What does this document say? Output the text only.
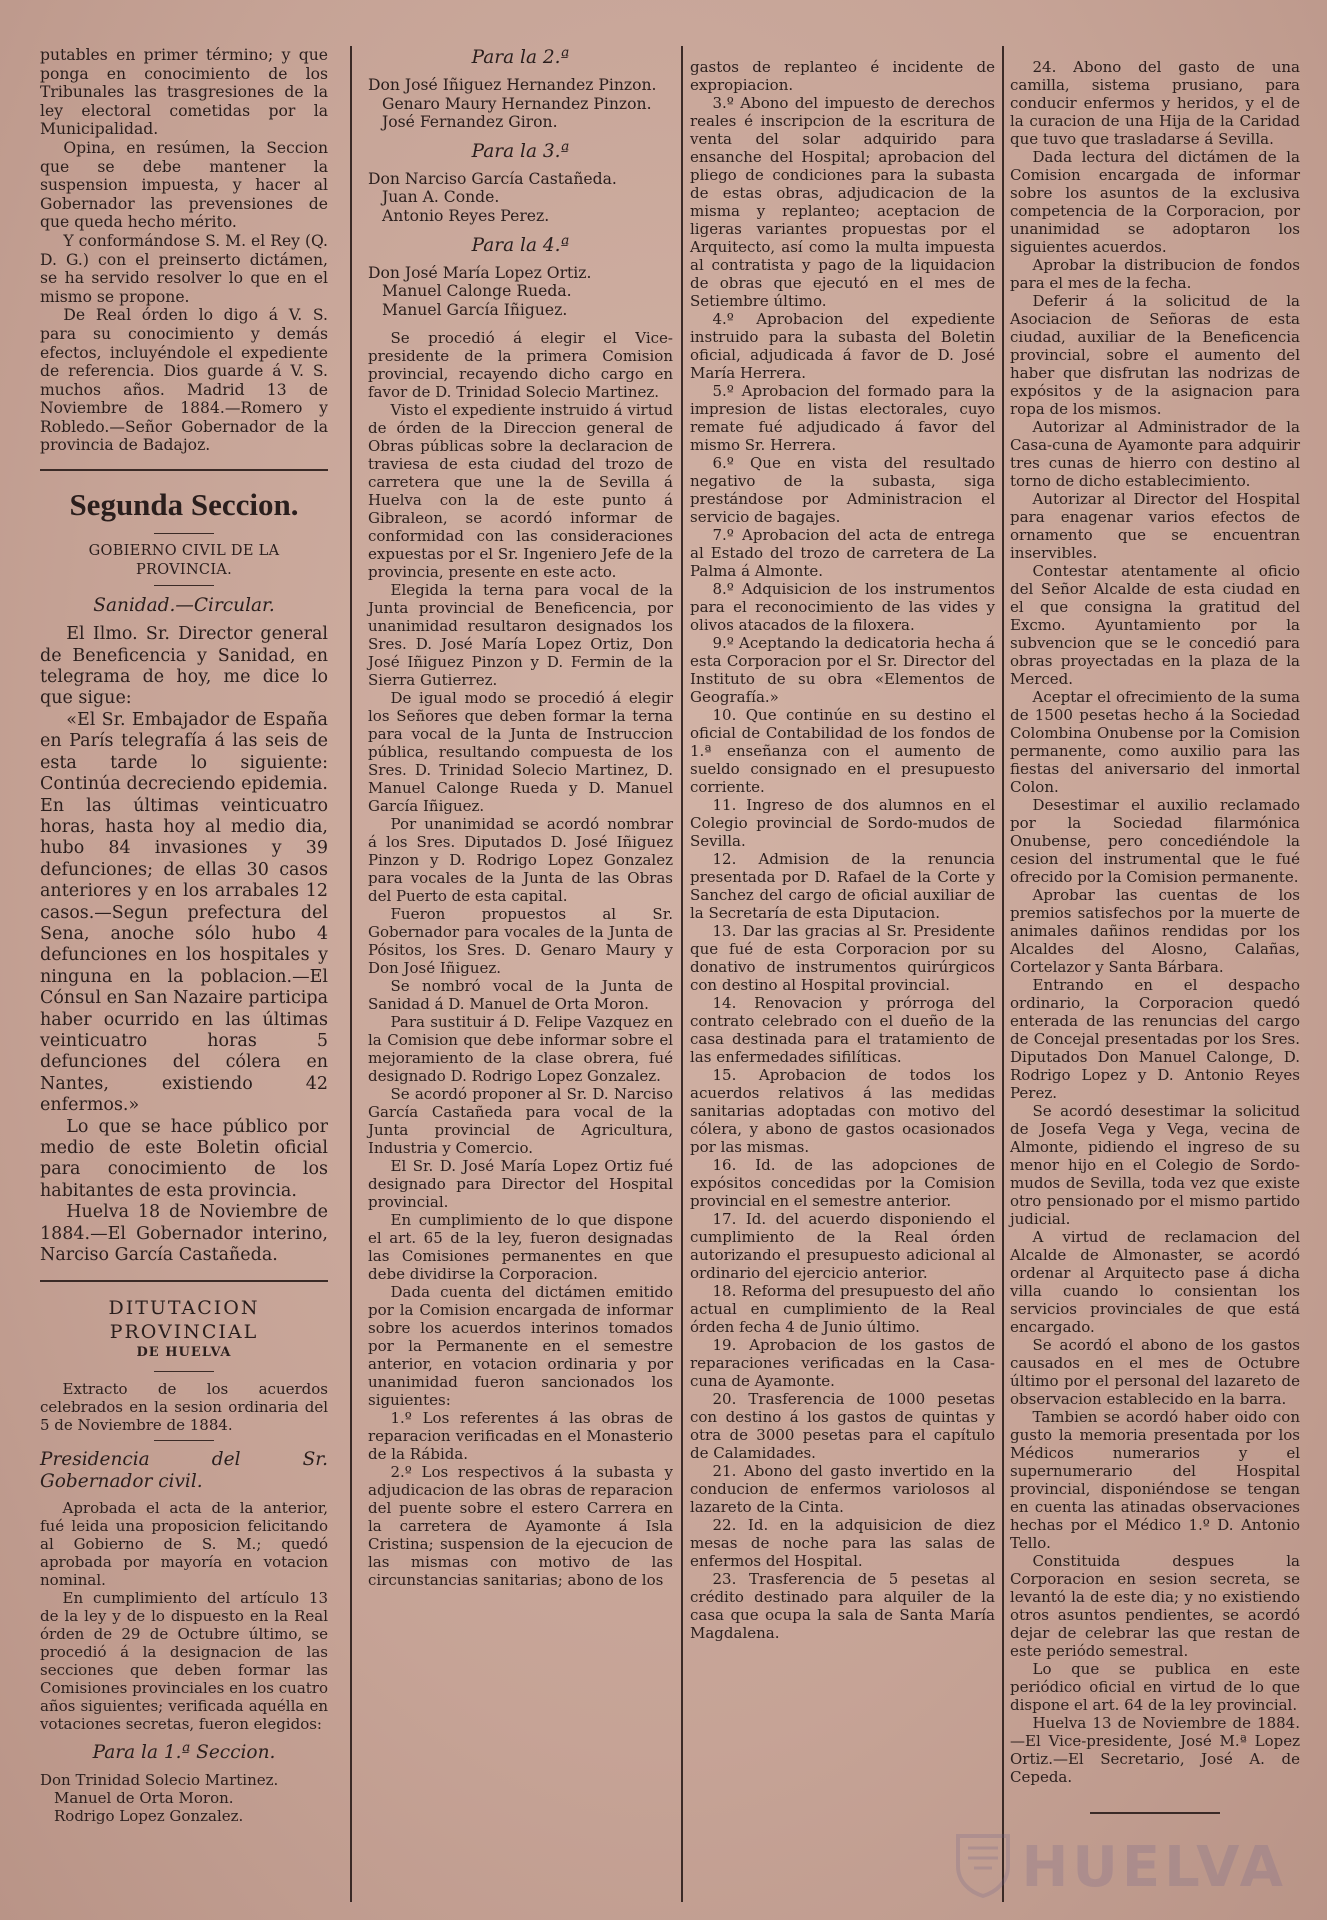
putables en primer término; y que ponga en conocimiento de los Tribunales las trasgresiones de la ley electoral cometidas por la Municipalidad.

Opina, en resúmen, la Seccion que se debe mantener la suspension impuesta, y hacer al Gobernador las prevensiones de que queda hecho mérito.

Y conformándose S. M. el Rey (Q. D. G.) con el preinserto dictámen, se ha servido resolver lo que en el mismo se propone.

De Real órden lo digo á V. S. para su conocimiento y demás efectos, incluyéndole el expediente de referencia. Dios guarde á V. S. muchos años. Madrid 13 de Noviembre de 1884.—Romero y Robledo.—Señor Gobernador de la provincia de Badajoz.

Segunda Seccion.
GOBIERNO CIVIL DE LA PROVINCIA.
Sanidad.—Circular.

El Ilmo. Sr. Director general de Beneficencia y Sanidad, en telegrama de hoy, me dice lo que sigue:

«El Sr. Embajador de España en París telegrafía á las seis de esta tarde lo siguiente: Continúa decreciendo epidemia. En las últimas veinticuatro horas, hasta hoy al medio dia, hubo 84 invasiones y 39 defunciones; de ellas 30 casos anteriores y en los arrabales 12 casos.—Segun prefectura del Sena, anoche sólo hubo 4 defunciones en los hospitales y ninguna en la poblacion.—El Cónsul en San Nazaire participa haber ocurrido en las últimas veinticuatro horas 5 defunciones del cólera en Nantes, existiendo 42 enfermos.»

Lo que se hace público por medio de este Boletin oficial para conocimiento de los habitantes de esta provincia.

Huelva 18 de Noviembre de 1884.—El Gobernador interino, Narciso García Castañeda.

DITUTACION PROVINCIAL
DE HUELVA

Extracto de los acuerdos celebrados en la sesion ordinaria del 5 de Noviembre de 1884.

Presidencia del Sr. Gobernador civil.

Aprobada el acta de la anterior, fué leida una proposicion felicitando al Gobierno de S. M.; quedó aprobada por mayoría en votacion nominal.

En cumplimiento del artículo 13 de la ley y de lo dispuesto en la Real órden de 29 de Octubre último, se procedió á la designacion de las secciones que deben formar las Comisiones provinciales en los cuatro años siguientes; verificada aquélla en votaciones secretas, fueron elegidos:

Para la 1.ª Seccion.

Don Trinidad Solecio Martinez.

Manuel de Orta Moron.

Rodrigo Lopez Gonzalez.

Para la 2.ª

Don José Iñiguez Hernandez Pinzon.

Genaro Maury Hernandez Pinzon.

José Fernandez Giron.

Para la 3.ª

Don Narciso García Castañeda.

Juan A. Conde.

Antonio Reyes Perez.

Para la 4.ª

Don José María Lopez Ortiz.

Manuel Calonge Rueda.

Manuel García Iñiguez.

Se procedió á elegir el Vice-presidente de la primera Comision provincial, recayendo dicho cargo en favor de D. Trinidad Solecio Martinez.

Visto el expediente instruido á virtud de órden de la Direccion general de Obras públicas sobre la declaracion de traviesa de esta ciudad del trozo de carretera que une la de Sevilla á Huelva con la de este punto á Gibraleon, se acordó informar de conformidad con las consideraciones expuestas por el Sr. Ingeniero Jefe de la provincia, presente en este acto.

Elegida la terna para vocal de la Junta provincial de Beneficencia, por unanimidad resultaron designados los Sres. D. José María Lopez Ortiz, Don José Iñiguez Pinzon y D. Fermin de la Sierra Gutierrez.

De igual modo se procedió á elegir los Señores que deben formar la terna para vocal de la Junta de Instruccion pública, resultando compuesta de los Sres. D. Trinidad Solecio Martinez, D. Manuel Calonge Rueda y D. Manuel García Iñiguez.

Por unanimidad se acordó nombrar á los Sres. Diputados D. José Iñiguez Pinzon y D. Rodrigo Lopez Gonzalez para vocales de la Junta de las Obras del Puerto de esta capital.

Fueron propuestos al Sr. Gobernador para vocales de la Junta de Pósitos, los Sres. D. Genaro Maury y Don José Iñiguez.

Se nombró vocal de la Junta de Sanidad á D. Manuel de Orta Moron.

Para sustituir á D. Felipe Vazquez en la Comision que debe informar sobre el mejoramiento de la clase obrera, fué designado D. Rodrigo Lopez Gonzalez.

Se acordó proponer al Sr. D. Narciso García Castañeda para vocal de la Junta provincial de Agricultura, Industria y Comercio.

El Sr. D. José María Lopez Ortiz fué designado para Director del Hospital provincial.

En cumplimiento de lo que dispone el art. 65 de la ley, fueron designadas las Comisiones permanentes en que debe dividirse la Corporacion.

Dada cuenta del dictámen emitido por la Comision encargada de informar sobre los acuerdos interinos tomados por la Permanente en el semestre anterior, en votacion ordinaria y por unanimidad fueron sancionados los siguientes:

1.º Los referentes á las obras de reparacion verificadas en el Monasterio de la Rábida.

2.º Los respectivos á la subasta y adjudicacion de las obras de reparacion del puente sobre el estero Carrera en la carretera de Ayamonte á Isla Cristina; suspension de la ejecucion de las mismas con motivo de las circunstancias sanitarias; abono de los

gastos de replanteo é incidente de expropiacion.

3.º Abono del impuesto de derechos reales é inscripcion de la escritura de venta del solar adquirido para ensanche del Hospital; aprobacion del pliego de condiciones para la subasta de estas obras, adjudicacion de la misma y replanteo; aceptacion de ligeras variantes propuestas por el Arquitecto, así como la multa impuesta al contratista y pago de la liquidacion de obras que ejecutó en el mes de Setiembre último.

4.º Aprobacion del expediente instruido para la subasta del Boletin oficial, adjudicada á favor de D. José María Herrera.

5.º Aprobacion del formado para la impresion de listas electorales, cuyo remate fué adjudicado á favor del mismo Sr. Herrera.

6.º Que en vista del resultado negativo de la subasta, siga prestándose por Administracion el servicio de bagajes.

7.º Aprobacion del acta de entrega al Estado del trozo de carretera de La Palma á Almonte.

8.º Adquisicion de los instrumentos para el reconocimiento de las vides y olivos atacados de la filoxera.

9.º Aceptando la dedicatoria hecha á esta Corporacion por el Sr. Director del Instituto de su obra «Elementos de Geografía.»

10. Que continúe en su destino el oficial de Contabilidad de los fondos de 1.ª enseñanza con el aumento de sueldo consignado en el presupuesto corriente.

11. Ingreso de dos alumnos en el Colegio provincial de Sordo-mudos de Sevilla.

12. Admision de la renuncia presentada por D. Rafael de la Corte y Sanchez del cargo de oficial auxiliar de la Secretaría de esta Diputacion.

13. Dar las gracias al Sr. Presidente que fué de esta Corporacion por su donativo de instrumentos quirúrgicos con destino al Hospital provincial.

14. Renovacion y prórroga del contrato celebrado con el dueño de la casa destinada para el tratamiento de las enfermedades sifilíticas.

15. Aprobacion de todos los acuerdos relativos á las medidas sanitarias adoptadas con motivo del cólera, y abono de gastos ocasionados por las mismas.

16. Id. de las adopciones de expósitos concedidas por la Comision provincial en el semestre anterior.

17. Id. del acuerdo disponiendo el cumplimiento de la Real órden autorizando el presupuesto adicional al ordinario del ejercicio anterior.

18. Reforma del presupuesto del año actual en cumplimiento de la Real órden fecha 4 de Junio último.

19. Aprobacion de los gastos de reparaciones verificadas en la Casa-cuna de Ayamonte.

20. Trasferencia de 1000 pesetas con destino á los gastos de quintas y otra de 3000 pesetas para el capítulo de Calamidades.

21. Abono del gasto invertido en la conducion de enfermos variolosos al lazareto de la Cinta.

22. Id. en la adquisicion de diez mesas de noche para las salas de enfermos del Hospital.

23. Trasferencia de 5 pesetas al crédito destinado para alquiler de la casa que ocupa la sala de Santa María Magdalena.

24. Abono del gasto de una camilla, sistema prusiano, para conducir enfermos y heridos, y el de la curacion de una Hija de la Caridad que tuvo que trasladarse á Sevilla.

Dada lectura del dictámen de la Comision encargada de informar sobre los asuntos de la exclusiva competencia de la Corporacion, por unanimidad se adoptaron los siguientes acuerdos.

Aprobar la distribucion de fondos para el mes de la fecha.

Deferir á la solicitud de la Asociacion de Señoras de esta ciudad, auxiliar de la Beneficencia provincial, sobre el aumento del haber que disfrutan las nodrizas de expósitos y de la asignacion para ropa de los mismos.

Autorizar al Administrador de la Casa-cuna de Ayamonte para adquirir tres cunas de hierro con destino al torno de dicho establecimiento.

Autorizar al Director del Hospital para enagenar varios efectos de ornamento que se encuentran inservibles.

Contestar atentamente al oficio del Señor Alcalde de esta ciudad en el que consigna la gratitud del Excmo. Ayuntamiento por la subvencion que se le concedió para obras proyectadas en la plaza de la Merced.

Aceptar el ofrecimiento de la suma de 1500 pesetas hecho á la Sociedad Colombina Onubense por la Comision permanente, como auxilio para las fiestas del aniversario del inmortal Colon.

Desestimar el auxilio reclamado por la Sociedad filarmónica Onubense, pero concediéndole la cesion del instrumental que le fué ofrecido por la Comision permanente.

Aprobar las cuentas de los premios satisfechos por la muerte de animales dañinos rendidas por los Alcaldes del Alosno, Calañas, Cortelazor y Santa Bárbara.

Entrando en el despacho ordinario, la Corporacion quedó enterada de las renuncias del cargo de Concejal presentadas por los Sres. Diputados Don Manuel Calonge, D. Rodrigo Lopez y D. Antonio Reyes Perez.

Se acordó desestimar la solicitud de Josefa Vega y Vega, vecina de Almonte, pidiendo el ingreso de su menor hijo en el Colegio de Sordo-mudos de Sevilla, toda vez que existe otro pensionado por el mismo partido judicial.

A virtud de reclamacion del Alcalde de Almonaster, se acordó ordenar al Arquitecto pase á dicha villa cuando lo consientan los servicios provinciales de que está encargado.

Se acordó el abono de los gastos causados en el mes de Octubre último por el personal del lazareto de observacion establecido en la barra.

Tambien se acordó haber oido con gusto la memoria presentada por los Médicos numerarios y el supernumerario del Hospital provincial, disponiéndose se tengan en cuenta las atinadas observaciones hechas por el Médico 1.º D. Antonio Tello.

Constituida despues la Corporacion en sesion secreta, se levantó la de este dia; y no existiendo otros asuntos pendientes, se acordó dejar de celebrar las que restan de este periódo semestral.

Lo que se publica en este periódico oficial en virtud de lo que dispone el art. 64 de la ley provincial.

Huelva 13 de Noviembre de 1884.—El Vice-presidente, José M.ª Lopez Ortiz.—El Secretario, José A. de Cepeda.

HUELVA
